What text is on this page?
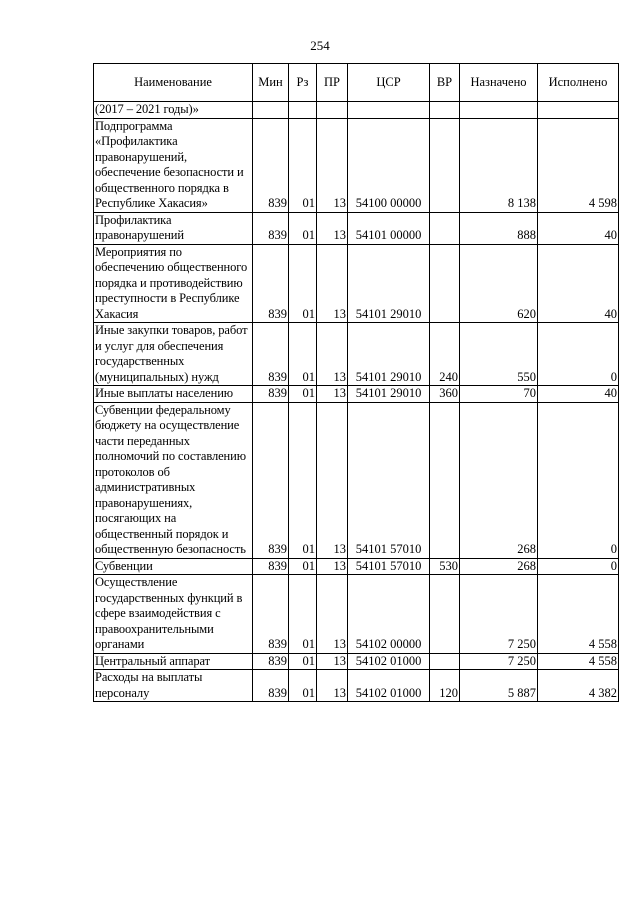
254
Наименование	Мин	Рз	ПР	ЦСР	ВР	Назначено	Исполнено
(2017 – 2021 годы)»							
Подпрограмма «Профилактика правонарушений, обеспечение безопасности и общественного порядка в Республике Хакасия»	839	01	13	54100 00000		8 138	4 598
Профилактика правонарушений	839	01	13	54101 00000		888	40
Мероприятия по обеспечению общественного порядка и противодействию преступности в Республике Хакасия	839	01	13	54101 29010		620	40
Иные закупки товаров, работ и услуг для обеспечения государственных (муниципальных) нужд	839	01	13	54101 29010	240	550	0
Иные выплаты населению	839	01	13	54101 29010	360	70	40
Субвенции федеральному бюджету на осуществление части переданных полномочий по составлению протоколов об административных правонарушениях, посягающих на общественный порядок и общественную безопасность	839	01	13	54101 57010		268	0
Субвенции	839	01	13	54101 57010	530	268	0
Осуществление государственных функций в сфере взаимодействия с правоохранительными органами	839	01	13	54102 00000		7 250	4 558
Центральный аппарат	839	01	13	54102 01000		7 250	4 558
Расходы на выплаты персоналу	839	01	13	54102 01000	120	5 887	4 382
